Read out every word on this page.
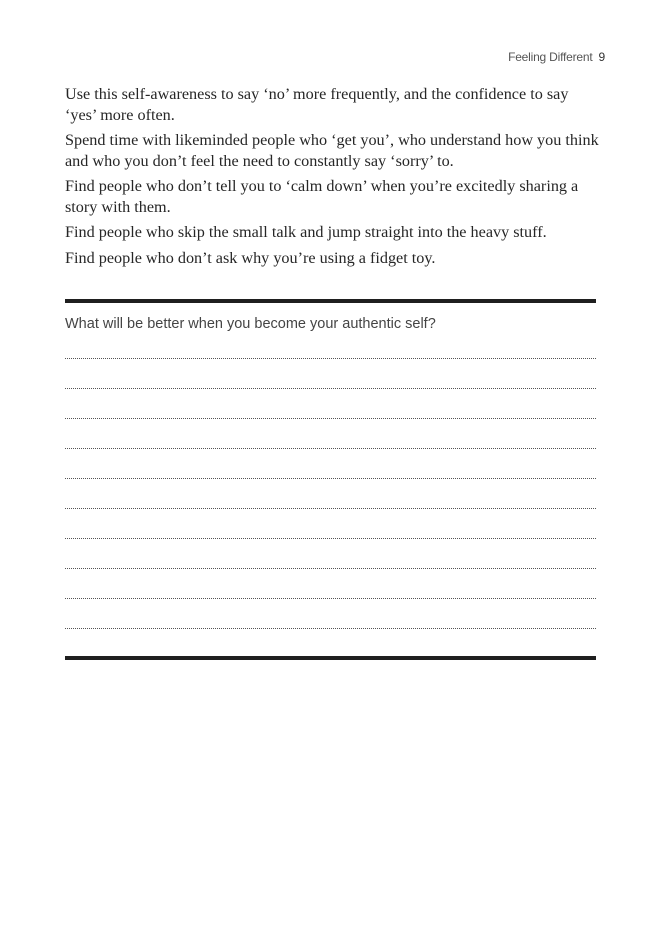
Feeling Different 9

Use this self-awareness to say ‘no’ more frequently, and the confidence to say ‘yes’ more often.

Spend time with likeminded people who ‘get you’, who understand how you think and who you don’t feel the need to constantly say ‘sorry’ to.

Find people who don’t tell you to ‘calm down’ when you’re excitedly sharing a story with them.

Find people who skip the small talk and jump straight into the heavy stuff.

Find people who don’t ask why you’re using a fidget toy.

What will be better when you become your authentic self?
